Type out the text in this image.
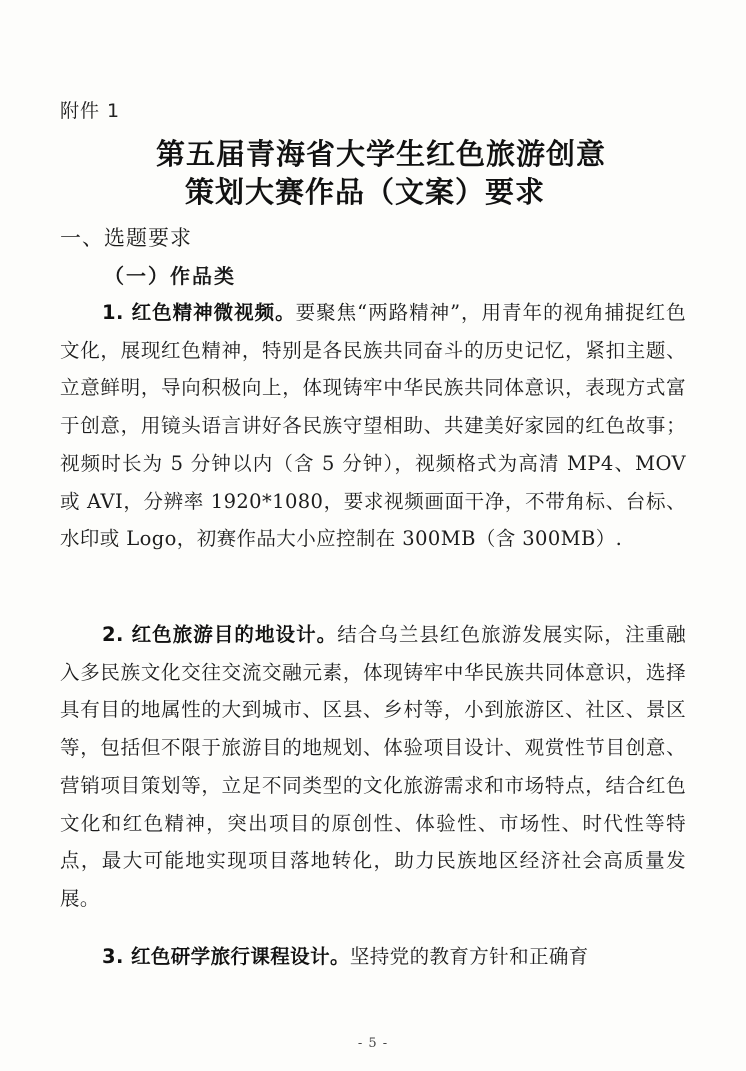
附件 1
第五届青海省大学生红色旅游创意
策划大赛作品（文案）要求
一、选题要求
（一）作品类

1. 红色精神微视频。要聚焦“两路精神”，用青年的视角捕捉红色文化，展现红色精神，特别是各民族共同奋斗的历史记忆，紧扣主题、立意鲜明，导向积极向上，体现铸牢中华民族共同体意识，表现方式富于创意，用镜头语言讲好各民族守望相助、共建美好家园的红色故事；视频时长为 5 分钟以内（含 5 分钟），视频格式为高清 MP4、MOV 或 AVI，分辨率 1920*1080，要求视频画面干净，不带角标、台标、水印或 Logo，初赛作品大小应控制在 300MB（含 300MB）.

2. 红色旅游目的地设计。结合乌兰县红色旅游发展实际，注重融入多民族文化交往交流交融元素，体现铸牢中华民族共同体意识，选择具有目的地属性的大到城市、区县、乡村等，小到旅游区、社区、景区等，包括但不限于旅游目的地规划、体验项目设计、观赏性节目创意、营销项目策划等，立足不同类型的文化旅游需求和市场特点，结合红色文化和红色精神，突出项目的原创性、体验性、市场性、时代性等特点，最大可能地实现项目落地转化，助力民族地区经济社会高质量发展。

3. 红色研学旅行课程设计。坚持党的教育方针和正确育

- 5 -
